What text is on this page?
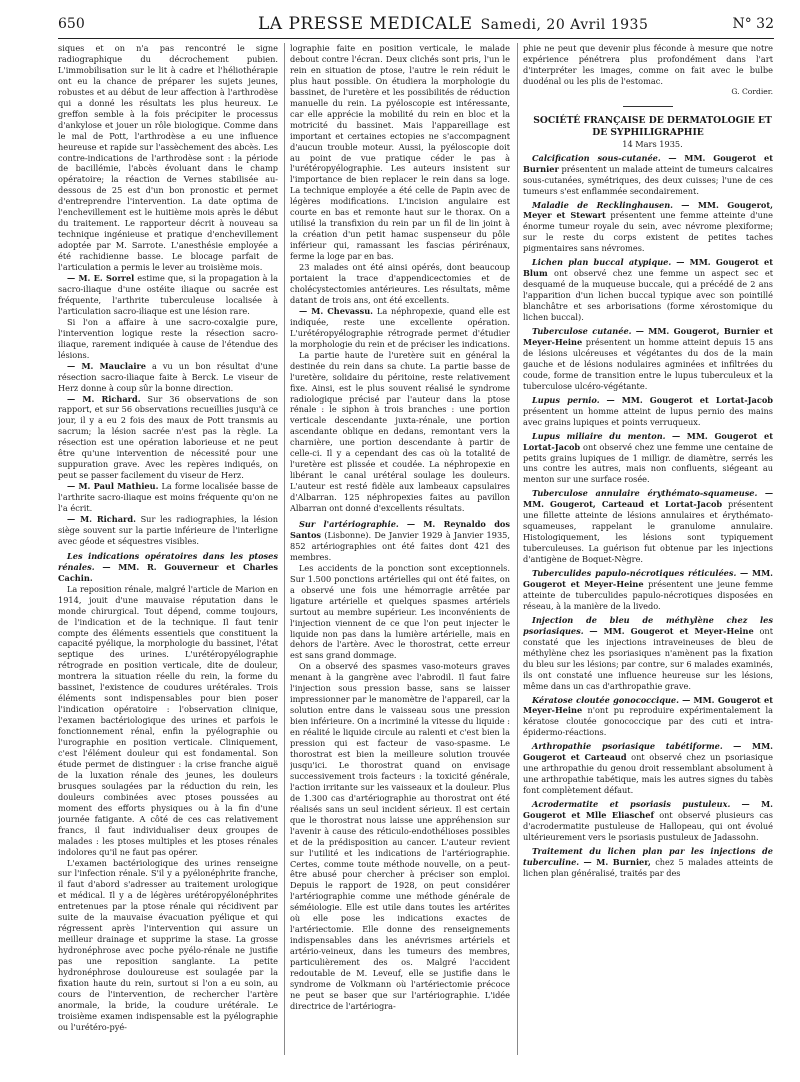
650	LA PRESSE MEDICALE Samedi, 20 Avril 1935	N° 32

siques et on n'a pas rencontré le signe radiographique du décrochement pubien. L'immobilisation sur le lit à cadre et l'héliothérapie ont eu la chance de préparer les sujets jeunes, robustes et au début de leur affection à l'arthrodèse qui a donné les résultats les plus heureux. Le greffon semble à la fois précipiter le processus d'ankylose et jouer un rôle biologique. Comme dans le mal de Pott, l'arthrodèse a eu une influence heureuse et rapide sur l'assèchement des abcès. Les contre-indications de l'arthrodèse sont : la période de bacillémie, l'abcès évoluant dans le champ opératoire; la réaction de Vernes stabilisée au-dessous de 25 est d'un bon pronostic et permet d'entreprendre l'intervention. La date optima de l'enchevillement est le huitième mois après le début du traitement. Le rapporteur décrit à nouveau sa technique ingénieuse et pratique d'enchevillement adoptée par M. Sarrote. L'anesthésie employée a été rachidienne basse. Le blocage parfait de l'articulation a permis le lever au troisième mois.

— M. E. Sorrel estime que, si la propagation à la sacro-iliaque d'une ostéite iliaque ou sacrée est fréquente, l'arthrite tuberculeuse localisée à l'articulation sacro-iliaque est une lésion rare.

Si l'on a affaire à une sacro-coxalgie pure, l'intervention logique reste la résection sacro-iliaque, rarement indiquée à cause de l'étendue des lésions.

— M. Mauclaire a vu un bon résultat d'une résection sacro-iliaque faite à Berck. Le viseur de Herz donne à coup sûr la bonne direction.

— M. Richard. Sur 36 observations de son rapport, et sur 56 observations recueillies jusqu'à ce jour, il y a eu 2 fois des maux de Pott transmis au sacrum; la lésion sacrée n'est pas la règle. La résection est une opération laborieuse et ne peut être qu'une intervention de nécessité pour une suppuration grave. Avec les repères indiqués, on peut se passer facilement du viseur de Herz.

— M. Paul Mathieu. La forme localisée basse de l'arthrite sacro-iliaque est moins fréquente qu'on ne l'a écrit.

— M. Richard. Sur les radiographies, la lésion siège souvent sur la partie inférieure de l'interligne avec géode et séquestres visibles.

Les indications opératoires dans les ptoses rénales. — MM. R. Gouverneur et Charles Cachin.

La reposition rénale, malgré l'article de Marion en 1914, jouit d'une mauvaise réputation dans le monde chirurgical. Tout dépend, comme toujours, de l'indication et de la technique. Il faut tenir compte des éléments essentiels que constituent la capacité pyélique, la morphologie du bassinet, l'état septique des urines. L'urétéropyélographie rétrograde en position verticale, dite de douleur, montrera la situation réelle du rein, la forme du bassinet, l'existence de coudures urétérales. Trois éléments sont indispensables pour bien poser l'indication opératoire : l'observation clinique, l'examen bactériologique des urines et parfois le fonctionnement rénal, enfin la pyélographie ou l'urographie en position verticale. Cliniquement, c'est l'élément douleur qui est fondamental. Son étude permet de distinguer : la crise franche aiguë de la luxation rénale des jeunes, les douleurs brusques soulagées par la réduction du rein, les douleurs combinées avec ptoses poussées au moment des efforts physiques ou à la fin d'une journée fatigante. A côté de ces cas relativement francs, il faut individualiser deux groupes de malades : les ptoses multiples et les ptoses rénales indolores qu'il ne faut pas opérer.

L'examen bactériologique des urines renseigne sur l'infection rénale. S'il y a pyélonéphrite franche, il faut d'abord s'adresser au traitement urologique et médical. Il y a de légères urétéropyélonéphrites entretenues par la ptose rénale qui récidivent par suite de la mauvaise évacuation pyélique et qui régressent après l'intervention qui assure un meilleur drainage et supprime la stase. La grosse hydronéphrose avec poche pyélo-rénale ne justifie pas une reposition sanglante. La petite hydronéphrose douloureuse est soulagée par la fixation haute du rein, surtout si l'on a eu soin, au cours de l'intervention, de rechercher l'artère anormale, la bride, la coudure urétérale. Le troisième examen indispensable est la pyélographie ou l'urétéro-pyé-

lographie faite en position verticale, le malade debout contre l'écran. Deux clichés sont pris, l'un le rein en situation de ptose, l'autre le rein réduit le plus haut possible. On étudiera la morphologie du bassinet, de l'uretère et les possibilités de réduction manuelle du rein. La pyéloscopie est intéressante, car elle apprécie la mobilité du rein en bloc et la motricité du bassinet. Mais l'appareillage est important et certaines ectopies ne s'accompagnent d'aucun trouble moteur. Aussi, la pyéloscopie doit au point de vue pratique céder le pas à l'urétéropyélographie. Les auteurs insistent sur l'importance de bien replacer le rein dans sa loge. La technique employée a été celle de Papin avec de légères modifications. L'incision angulaire est courte en bas et remonte haut sur le thorax. On a utilisé la transfixion du rein par un fil de lin joint à la création d'un petit hamac suspenseur du pôle inférieur qui, ramassant les fascias périrénaux, ferme la loge par en bas.

23 malades ont été ainsi opérés, dont beaucoup portaient la trace d'appendicectomies et de cholécystectomies antérieures. Les résultats, même datant de trois ans, ont été excellents.

— M. Chevassu. La néphropexie, quand elle est indiquée, reste une excellente opération. L'urétéropyélographie rétrograde permet d'étudier la morphologie du rein et de préciser les indications.

La partie haute de l'uretère suit en général la destinée du rein dans sa chute. La partie basse de l'uretère, solidaire du péritoine, reste relativement fixe. Ainsi, est le plus souvent réalisé le syndrome radiologique précisé par l'auteur dans la ptose rénale : le siphon à trois branches : une portion verticale descendante juxta-rénale, une portion ascendante oblique en dedans, remontant vers la charnière, une portion descendante à partir de celle-ci. Il y a cependant des cas où la totalité de l'uretère est plissée et coudée. La néphropexie en libérant le canal urétéral soulage les douleurs. L'auteur est resté fidèle aux lambeaux capsulaires d'Albarran. 125 néphropexies faites au pavillon Albarran ont donné d'excellents résultats.

Sur l'artériographie. — M. Reynaldo dos Santos (Lisbonne). De Janvier 1929 à Janvier 1935, 852 artériographies ont été faites dont 421 des membres.

Les accidents de la ponction sont exceptionnels. Sur 1.500 ponctions artérielles qui ont été faites, on a observé une fois une hémorragie arrêtée par ligature artérielle et quelques spasmes artériels surtout au membre supérieur. Les inconvénients de l'injection viennent de ce que l'on peut injecter le liquide non pas dans la lumière artérielle, mais en dehors de l'artère. Avec le thorostrat, cette erreur est sans grand dommage.

On a observé des spasmes vaso-moteurs graves menant à la gangrène avec l'abrodil. Il faut faire l'injection sous pression basse, sans se laisser impressionner par le manomètre de l'appareil, car la solution entre dans le vaisseau sous une pression bien inférieure. On a incriminé la vitesse du liquide : en réalité le liquide circule au ralenti et c'est bien la pression qui est facteur de vaso-spasme. Le thorostrat est bien la meilleure solution trouvée jusqu'ici. Le thorostrat quand on envisage successivement trois facteurs : la toxicité générale, l'action irritante sur les vaisseaux et la douleur. Plus de 1.300 cas d'artériographie au thorostrat ont été réalisés sans un seul incident sérieux. Il est certain que le thorostrat nous laisse une appréhension sur l'avenir à cause des réticulo-endothélioses possibles et de la prédisposition au cancer. L'auteur revient sur l'utilité et les indications de l'artériographie. Certes, comme toute méthode nouvelle, on a peut-être abusé pour chercher à préciser son emploi. Depuis le rapport de 1928, on peut considérer l'artériographie comme une méthode générale de séméiologie. Elle est utile dans toutes les artérites où elle pose les indications exactes de l'artériectomie. Elle donne des renseignements indispensables dans les anévrismes artériels et artério-veineux, dans les tumeurs des membres, particulièrement des os. Malgré l'accident redoutable de M. Leveuf, elle se justifie dans le syndrome de Volkmann où l'artériectomie précoce ne peut se baser que sur l'artériographie. L'idée directrice de l'artériogra-

phie ne peut que devenir plus féconde à mesure que notre expérience pénétrera plus profondément dans l'art d'interpréter les images, comme on fait avec le bulbe duodénal ou les plis de l'estomac.

G. Cordier.

SOCIÉTÉ FRANÇAISE DE DERMATOLOGIE ET DE SYPHILIGRAPHIE

14 Mars 1935.

Calcification sous-cutanée. — MM. Gougerot et Burnier présentent un malade atteint de tumeurs calcaires sous-cutanées, symétriques, des deux cuisses; l'une de ces tumeurs s'est enflammée secondairement.

Maladie de Recklinghausen. — MM. Gougerot, Meyer et Stewart présentent une femme atteinte d'une énorme tumeur royale du sein, avec névrome plexiforme; sur le reste du corps existent de petites taches pigmentaires sans névromes.

Lichen plan buccal atypique. — MM. Gougerot et Blum ont observé chez une femme un aspect sec et desquamé de la muqueuse buccale, qui a précédé de 2 ans l'apparition d'un lichen buccal typique avec son pointillé blanchâtre et ses arborisations (forme xérostomique du lichen buccal).

Tuberculose cutanée. — MM. Gougerot, Burnier et Meyer-Heine présentent un homme atteint depuis 15 ans de lésions ulcéreuses et végétantes du dos de la main gauche et de lésions nodulaires agminées et infiltrées du coude, forme de transition entre le lupus tuberculeux et la tuberculose ulcéro-végétante.

Lupus pernio. — MM. Gougerot et Lortat-Jacob présentent un homme atteint de lupus pernio des mains avec grains lupiques et points verruqueux.

Lupus miliaire du menton. — MM. Gougerot et Lortat-Jacob ont observé chez une femme une centaine de petits grains lupiques de 1 milligr. de diamètre, serrés les uns contre les autres, mais non confluents, siégeant au menton sur une surface rosée.

Tuberculose annulaire érythémato-squameuse. — MM. Gougerot, Carteaud et Lortat-Jacob présentent une fillette atteinte de lésions annulaires et érythémato-squameuses, rappelant le granulome annulaire. Histologiquement, les lésions sont typiquement tuberculeuses. La guérison fut obtenue par les injections d'antigène de Boquet-Nègre.

Tuberculides papulo-nécrotiques réticulées. — MM. Gougerot et Meyer-Heine présentent une jeune femme atteinte de tuberculides papulo-nécrotiques disposées en réseau, à la manière de la livedo.

Injection de bleu de méthylène chez les psoriasiques. — MM. Gougerot et Meyer-Heine ont constaté que les injections intraveineuses de bleu de méthylène chez les psoriasiques n'amènent pas la fixation du bleu sur les lésions; par contre, sur 6 malades examinés, ils ont constaté une influence heureuse sur les lésions, même dans un cas d'arthropathie grave.

Kératose cloutée gonococcique. — MM. Gougerot et Meyer-Heine n'ont pu reproduire expérimentalement la kératose cloutée gonococcique par des cuti et intra-épidermo-réactions.

Arthropathie psoriasique tabétiforme. — MM. Gougerot et Carteaud ont observé chez un psoriasique une arthropathie du genou droit ressemblant absolument à une arthropathie tabétique, mais les autres signes du tabès font complètement défaut.

Acrodermatite et psoriasis pustuleux. — M. Gougerot et Mlle Eliaschef ont observé plusieurs cas d'acrodermatite pustuleuse de Hallopeau, qui ont évolué ultérieurement vers le psoriasis pustuleux de Jadassohn.

Traitement du lichen plan par les injections de tuberculine. — M. Burnier, chez 5 malades atteints de lichen plan généralisé, traités par des
